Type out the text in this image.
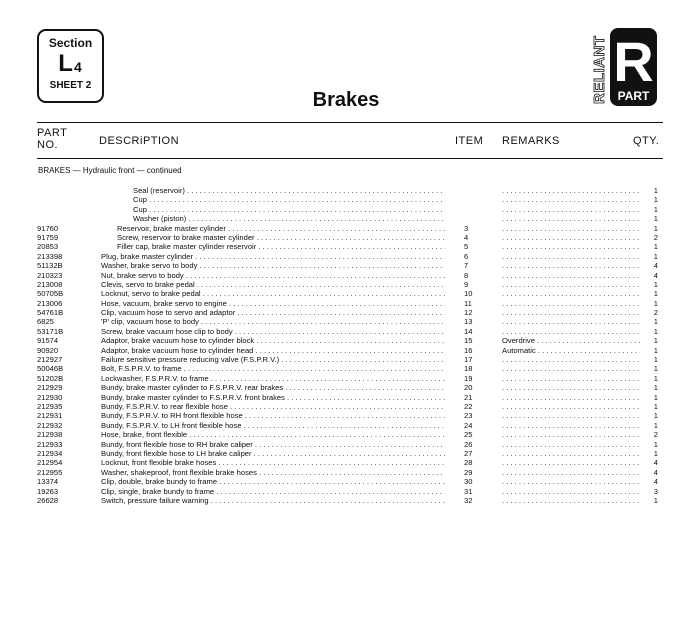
Section
$L_4$
SHEET 2
Brakes	RELIANT R
PART
PART
NO.	DESCRiPTION	ITEM REMARKS	QTY.
BRAKES — Hydraulic front — continued
Seal (reservoir) . . . . . .	1
Cup . . . . . .	1
Cup . . . . . .	1
Washer (piston) . . . . . .	1
91760	Reservoir, brake master cylinder . . .	3 . . .	1
91759	Screw, reservoir to brake master cylinder . . .	4 . . .	2
20853	Filler cap, brake master cylinder reservoir . . .	5 . . .	1
213398	Plug, brake master cylinder . . .	6 . . .	1
51132B	Washer, brake servo to body . . .	7 . . .	4
210323	Nut, brake servo to body . . .	8 . . .	4
213008	Clevis, servo to brake pedal . . .	9 . . .	1
50705B	Locknut, servo to brake pedal . . .	10 . . .	1
213006	Hose, vacuum, brake servo to engine . . .	11 . . .	1
54761B	Clip, vacuum hose to servo and adaptor . . .	12 . . .	2
6825	'P' clip, vacuum hose to body . . .	13 . . .	1
53171B	Screw, brake vacuum hose clip to body . . .	14 . . .	1
91574	Adaptor, brake vacuum hose to cylinder block . . .	15	Overdrive . . .	1
90920	Adaptor, brake vacuum hose to cylinder head . . .	16	Automatic . . .	1
212927	Failure sensitive pressure reducing valve (F.S.P.R.V.) . . .	17 . . .	1
50046B	Bolt, F.S.P.R.V. to frame . . .	18 . . .	1
51202B	Lockwasher, F.S.P.R.V. to frame . . .	19 . . .	1
212929	Bundy, brake master cylinder to F.S.P.R.V. rear brakes . . .	20 . . .	1
212930	Bundy, brake master cylinder to F.S.P.R.V. front brakes . . .	21 . . .	1
212935	Bundy, F.S.P.R.V. to rear flexible hose . . .	22 . . .	1
212931	Bundy, F.S.P.R.V. to RH front flexible hose . . .	23 . . .	1
212932	Bundy, F.S.P.R.V. to LH front flexible hose . . .	24 . . .	1
212938	Hose, brake, front flexible . . .	25 . . .	2
212933	Bundy, front flexible hose to RH brake caliper . . .	26 . . .	1
212934	Bundy, front flexible hose to LH brake caliper . . .	27 . . .	1
212954	Locknut, front flexible brake hoses . . .	28 . . .	4
212955	Washer, shakeproof, front flexible brake hoses . . .	29 . . .	4
13374	Clip, double, brake bundy to frame . . .	30 . . .	4
19263	Clip, single, brake bundy to frame . . .	31 . . .	3
26628	Switch, pressure failure warning . . .	32 . . .	1
